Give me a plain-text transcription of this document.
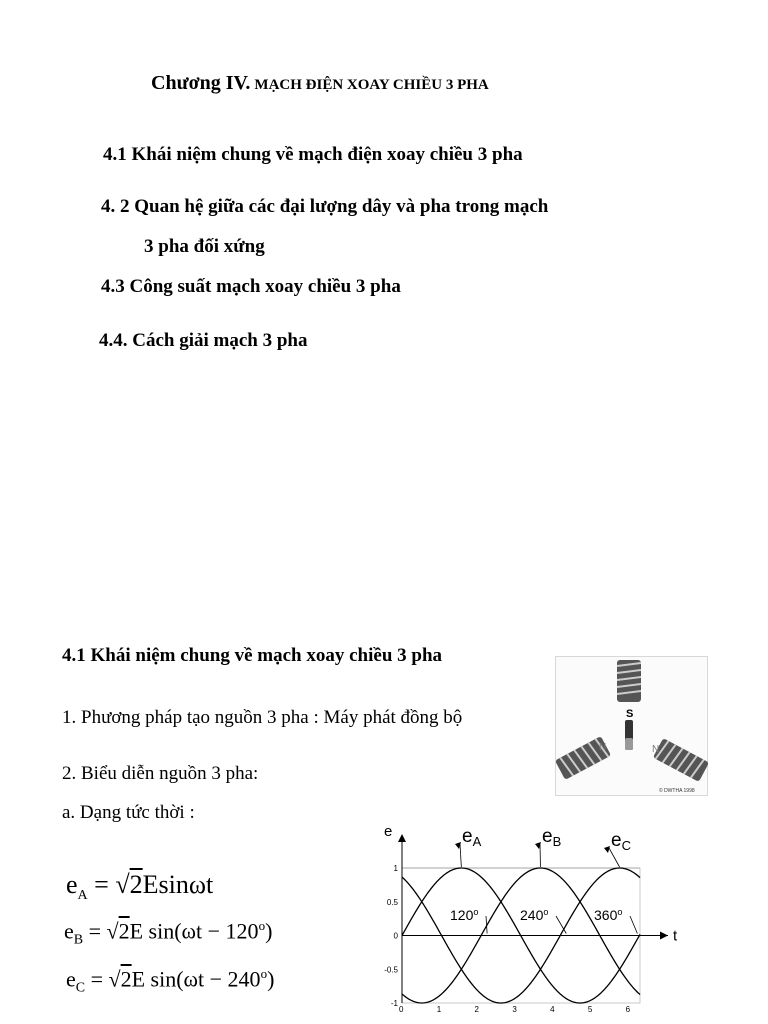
Chương IV. MẠCH ĐIỆN XOAY CHIỀU 3 PHA
4.1 Khái niệm chung về mạch điện xoay chiều 3 pha
4. 2 Quan hệ giữa các đại lượng dây và pha trong mạch
3 pha đối xứng
4.3 Công suất mạch xoay chiều 3 pha
4.4. Cách giải mạch 3 pha
4.1 Khái niệm chung về mạch xoay chiều 3 pha
1. Phương pháp tạo nguồn 3 pha : Máy phát đồng bộ
2. Biểu diễn nguồn 3 pha:
a. Dạng tức thời :
S
N	N
© DWTHA 1998
$e_A = √2Esin\omega t$
$e_B = √2E$ $\sin(\omega t - 120^o)$
$e_C = √2E$ $\sin(\omega t - 240^o)$
t
e
0	1	2	3	4	5	6
1
0.5
0
-0.5
-1
$e_A$	$e_B$	$e_C$
120$^o$	240$^o$	360$^o$
